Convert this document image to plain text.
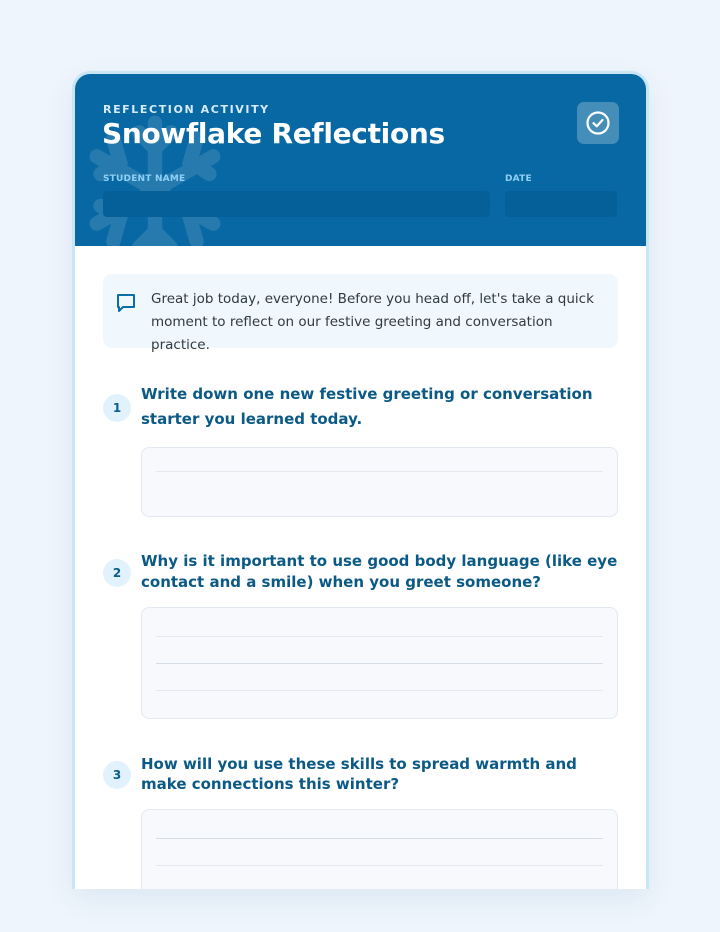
REFLECTION ACTIVITY
Snowflake Reflections
STUDENT NAME	DATE
Great job today, everyone! Before you head off, let's take a quick moment to reflect on our festive greeting and conversation practice.
1
Write down one new festive greeting or conversation starter you learned today.
2
Why is it important to use good body language (like eye contact and a smile) when you greet someone?
3
How will you use these skills to spread warmth and make connections this winter?
